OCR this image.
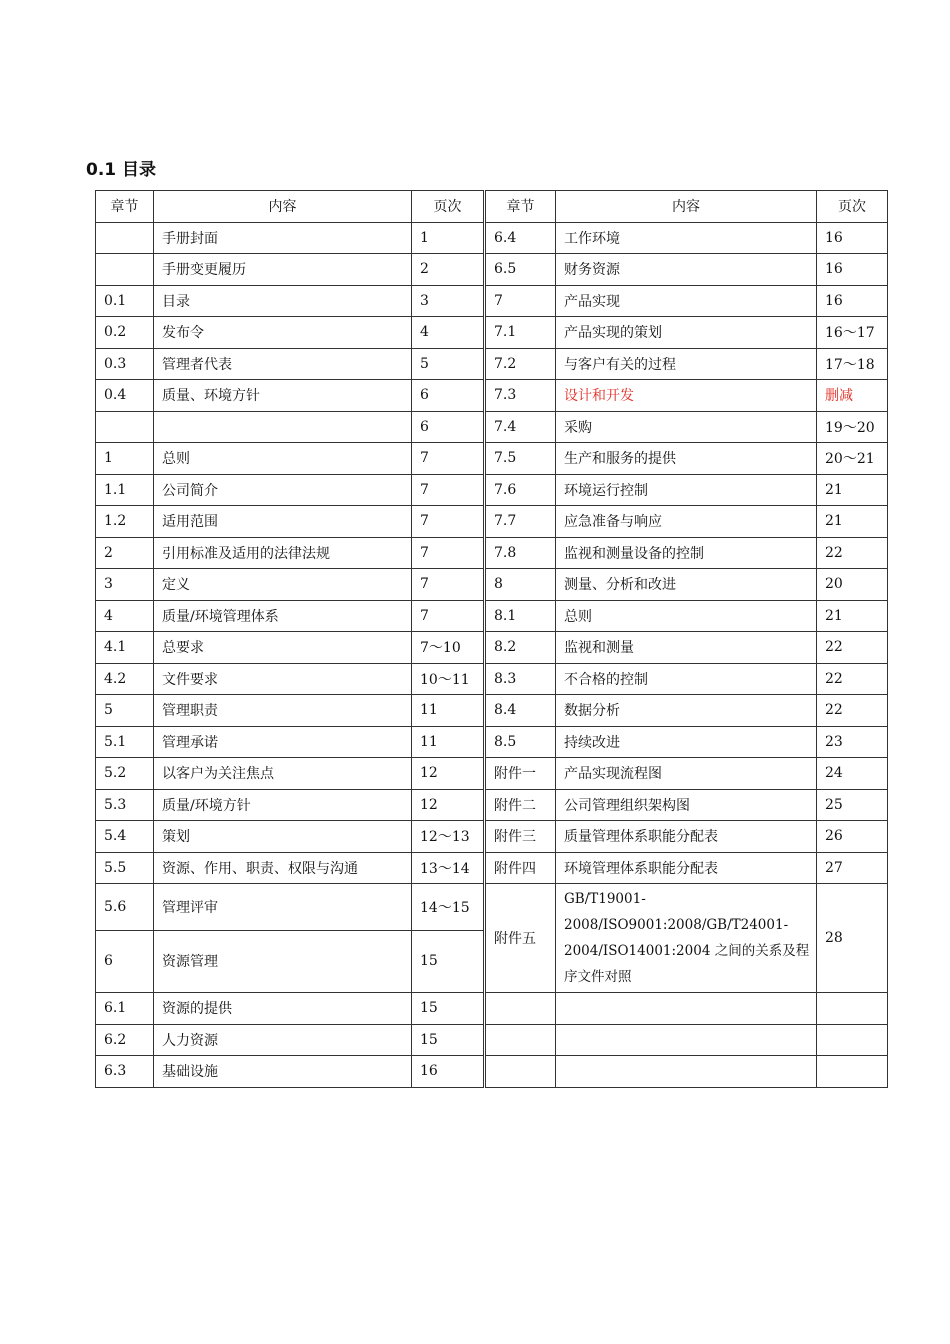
0.1 目录
章节	内容	页次	章节	内容	页次
	手册封面	1	6.4	工作环境	16
	手册变更履历	2	6.5	财务资源	16
0.1	目录	3	7	产品实现	16
0.2	发布令	4	7.1	产品实现的策划	16～17
0.3	管理者代表	5	7.2	与客户有关的过程	17～18
0.4	质量、环境方针	6	7.3	设计和开发	删减
		6	7.4	采购	19～20
1	总则	7	7.5	生产和服务的提供	20～21
1.1	公司简介	7	7.6	环境运行控制	21
1.2	适用范围	7	7.7	应急准备与响应	21
2	引用标准及适用的法律法规	7	7.8	监视和测量设备的控制	22
3	定义	7	8	测量、分析和改进	20
4	质量/环境管理体系	7	8.1	总则	21
4.1	总要求	7～10	8.2	监视和测量	22
4.2	文件要求	10～11	8.3	不合格的控制	22
5	管理职责	11	8.4	数据分析	22
5.1	管理承诺	11	8.5	持续改进	23
5.2	以客户为关注焦点	12	附件一	产品实现流程图	24
5.3	质量/环境方针	12	附件二	公司管理组织架构图	25
5.4	策划	12～13	附件三	质量管理体系职能分配表	26
5.5	资源、作用、职责、权限与沟通	13～14	附件四	环境管理体系职能分配表	27
5.6	管理评审	14～15	附件五	GB/T19001-2008/ISO9001:2008/GB/T24001-2004/ISO14001:2004 之间的关系及程序文件对照	28
6	资源管理	15			
6.1	资源的提供	15			
6.2	人力资源	15			
6.3	基础设施	16			
